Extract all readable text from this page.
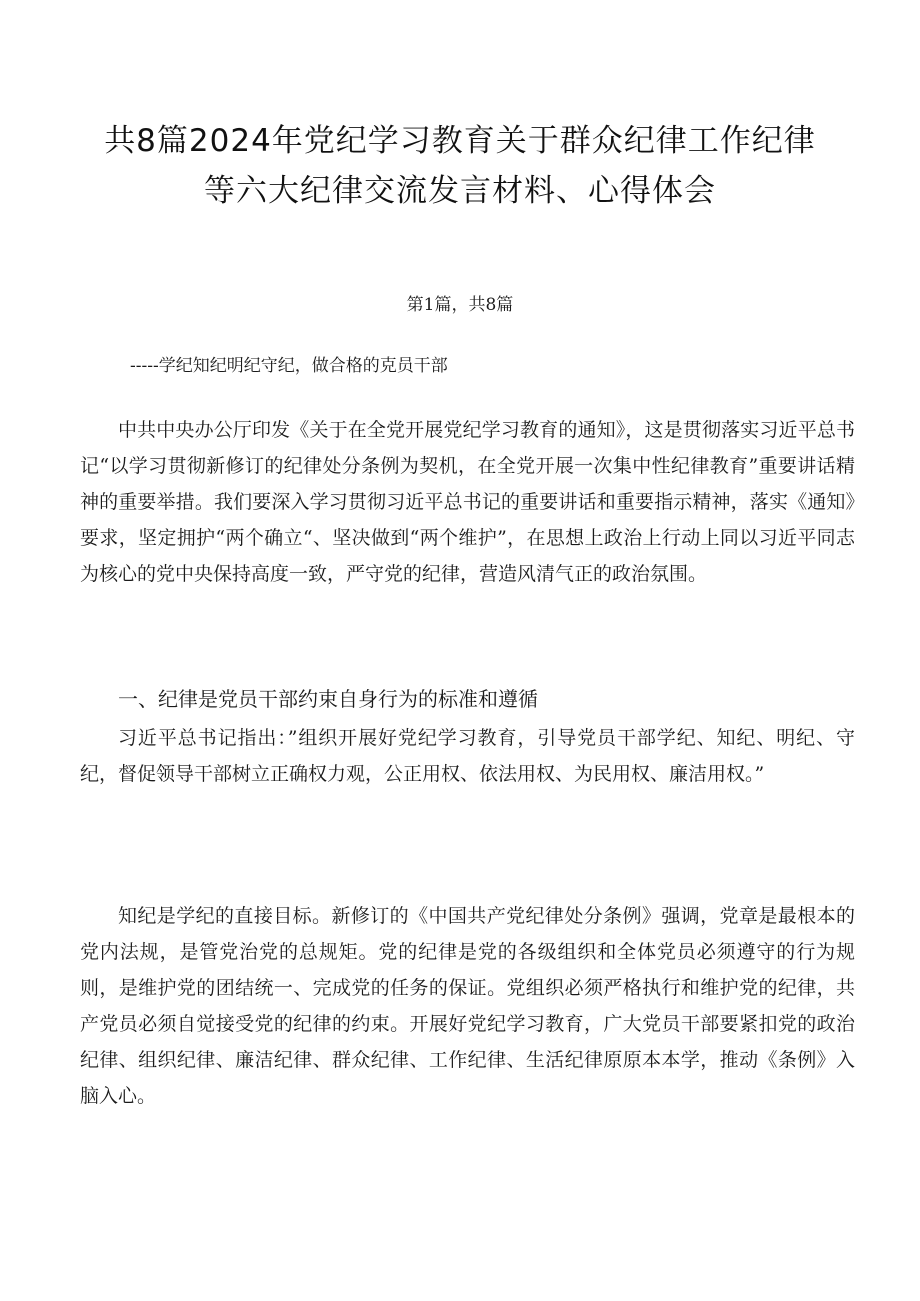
共8篇2024年党纪学习教育关于群众纪律工作纪律
等六大纪律交流发言材料、心得体会
第1篇，共8篇
-----学纪知纪明纪守纪，做合格的克员干部

中共中央办公厅印发《关于在全党开展党纪学习教育的通知》，这是贯彻落实习近平总书记“以学习贯彻新修订的纪律处分条例为契机，在全党开展一次集中性纪律教育”重要讲话精神的重要举措。我们要深入学习贯彻习近平总书记的重要讲话和重要指示精神，落实《通知》要求，坚定拥护“两个确立“、坚决做到“两个维护”，在思想上政治上行动上同以习近平同志为核心的党中央保持高度一致，严守党的纪律，营造风清气正的政治氛围。

一、纪律是党员干部约束自身行为的标准和遵循

习近平总书记指出：”组织开展好党纪学习教育，引导党员干部学纪、知纪、明纪、守纪，督促领导干部树立正确权力观，公正用权、依法用权、为民用权、廉洁用权。”

知纪是学纪的直接目标。新修订的《中国共产党纪律处分条例》强调，党章是最根本的党内法规，是管党治党的总规矩。党的纪律是党的各级组织和全体党员必须遵守的行为规则，是维护党的团结统一、完成党的任务的保证。党组织必须严格执行和维护党的纪律，共产党员必须自觉接受党的纪律的约束。开展好党纪学习教育，广大党员干部要紧扣党的政治纪律、组织纪律、廉洁纪律、群众纪律、工作纪律、生活纪律原原本本学，推动《条例》入脑入心。
